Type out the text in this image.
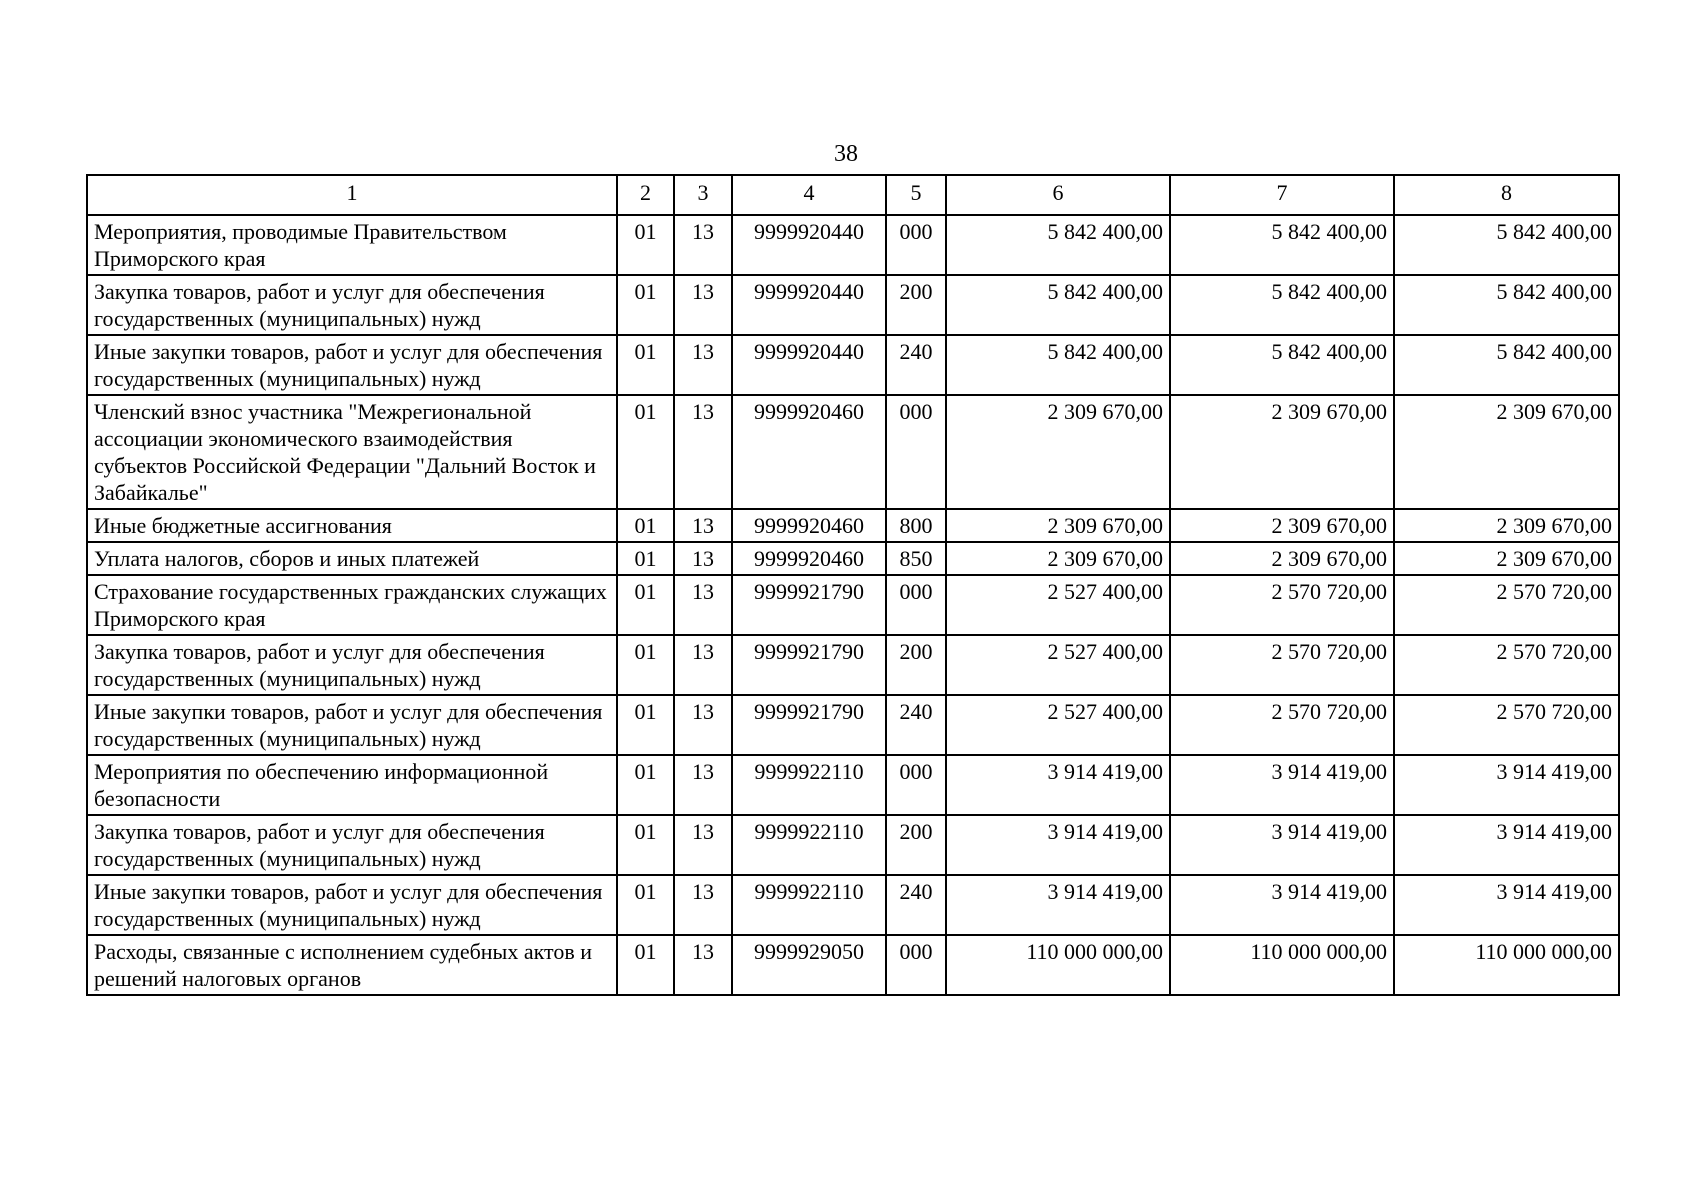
38
1	2	3	4	5	6	7	8
Мероприятия, проводимые Правительством Приморского края	01	13	9999920440	000	5 842 400,00	5 842 400,00	5 842 400,00
Закупка товаров, работ и услуг для обеспечения государственных (муниципальных) нужд	01	13	9999920440	200	5 842 400,00	5 842 400,00	5 842 400,00
Иные закупки товаров, работ и услуг для обеспечения государственных (муниципальных) нужд	01	13	9999920440	240	5 842 400,00	5 842 400,00	5 842 400,00
Членский взнос участника "Межрегиональной ассоциации экономического взаимодействия субъектов Российской Федерации "Дальний Восток и Забайкалье"	01	13	9999920460	000	2 309 670,00	2 309 670,00	2 309 670,00
Иные бюджетные ассигнования	01	13	9999920460	800	2 309 670,00	2 309 670,00	2 309 670,00
Уплата налогов, сборов и иных платежей	01	13	9999920460	850	2 309 670,00	2 309 670,00	2 309 670,00
Страхование государственных гражданских служащих Приморского края	01	13	9999921790	000	2 527 400,00	2 570 720,00	2 570 720,00
Закупка товаров, работ и услуг для обеспечения государственных (муниципальных) нужд	01	13	9999921790	200	2 527 400,00	2 570 720,00	2 570 720,00
Иные закупки товаров, работ и услуг для обеспечения государственных (муниципальных) нужд	01	13	9999921790	240	2 527 400,00	2 570 720,00	2 570 720,00
Мероприятия по обеспечению информационной безопасности	01	13	9999922110	000	3 914 419,00	3 914 419,00	3 914 419,00
Закупка товаров, работ и услуг для обеспечения государственных (муниципальных) нужд	01	13	9999922110	200	3 914 419,00	3 914 419,00	3 914 419,00
Иные закупки товаров, работ и услуг для обеспечения государственных (муниципальных) нужд	01	13	9999922110	240	3 914 419,00	3 914 419,00	3 914 419,00
Расходы, связанные с исполнением судебных актов и решений налоговых органов	01	13	9999929050	000	110 000 000,00	110 000 000,00	110 000 000,00
